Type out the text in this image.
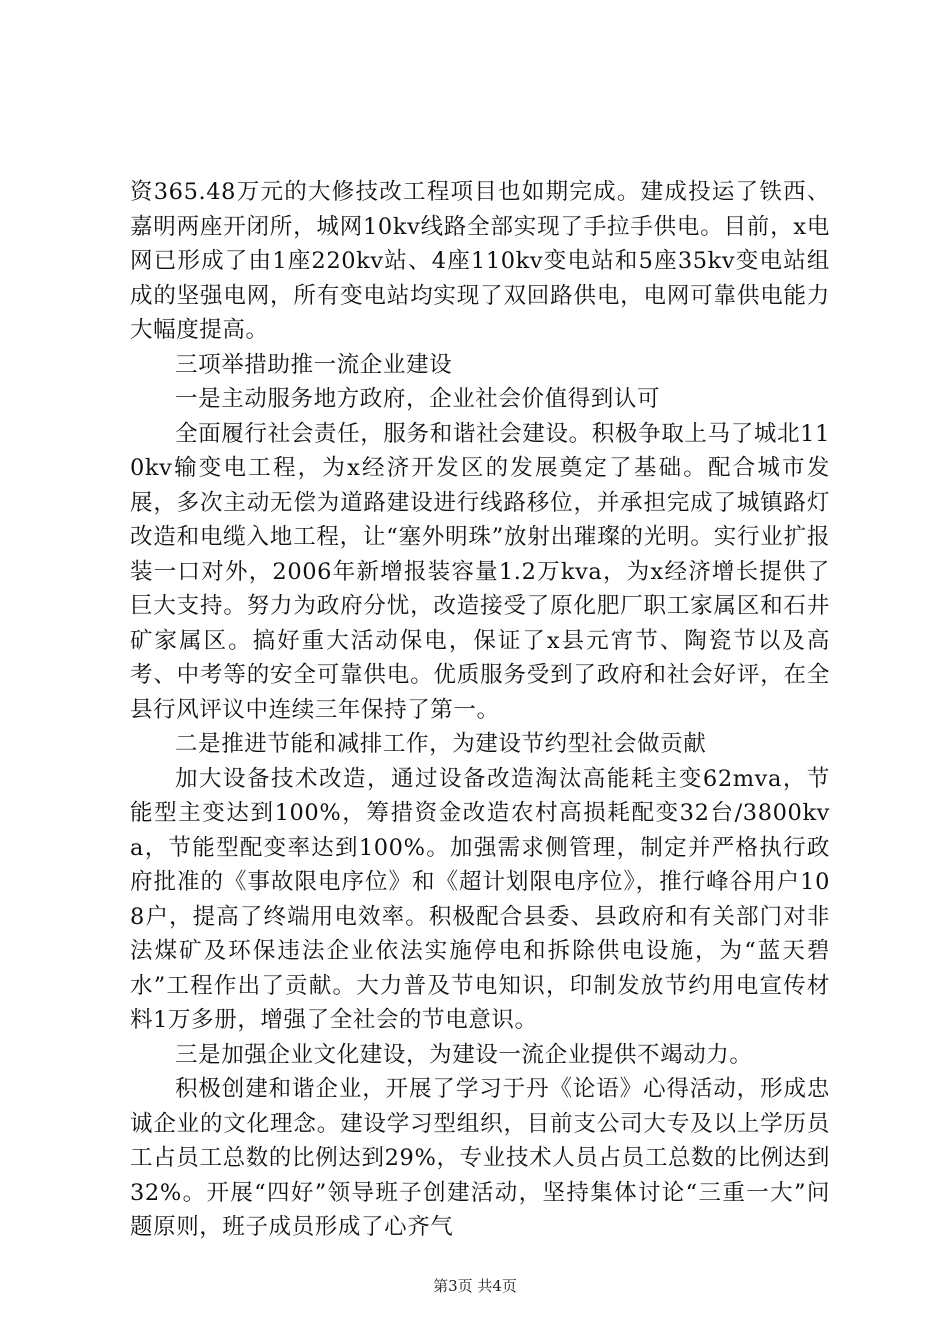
资365.48万元的大修技改工程项目也如期完成。建成投运了铁西、嘉明两座开闭所，城网10kv线路全部实现了手拉手供电。目前，x电网已形成了由1座220kv站、4座110kv变电站和5座35kv变电站组成的坚强电网，所有变电站均实现了双回路供电，电网可靠供电能力大幅度提高。

三项举措助推一流企业建设

一是主动服务地方政府，企业社会价值得到认可

全面履行社会责任，服务和谐社会建设。积极争取上马了城北110kv输变电工程，为x经济开发区的发展奠定了基础。配合城市发展，多次主动无偿为道路建设进行线路移位，并承担完成了城镇路灯改造和电缆入地工程，让“塞外明珠”放射出璀璨的光明。实行业扩报装一口对外，2006年新增报装容量1.2万kva，为x经济增长提供了巨大支持。努力为政府分忧，改造接受了原化肥厂职工家属区和石井矿家属区。搞好重大活动保电，保证了x县元宵节、陶瓷节以及高考、中考等的安全可靠供电。优质服务受到了政府和社会好评，在全县行风评议中连续三年保持了第一。

二是推进节能和减排工作，为建设节约型社会做贡献

加大设备技术改造，通过设备改造淘汰高能耗主变62mva，节能型主变达到100%，筹措资金改造农村高损耗配变32台/3800kva，节能型配变率达到100%。加强需求侧管理，制定并严格执行政府批准的《事故限电序位》和《超计划限电序位》，推行峰谷用户108户，提高了终端用电效率。积极配合县委、县政府和有关部门对非法煤矿及环保违法企业依法实施停电和拆除供电设施，为“蓝天碧水”工程作出了贡献。大力普及节电知识，印制发放节约用电宣传材料1万多册，增强了全社会的节电意识。

三是加强企业文化建设，为建设一流企业提供不竭动力。

积极创建和谐企业，开展了学习于丹《论语》心得活动，形成忠诚企业的文化理念。建设学习型组织，目前支公司大专及以上学历员工占员工总数的比例达到29%，专业技术人员占员工总数的比例达到32%。开展“四好”领导班子创建活动，坚持集体讨论“三重一大”问题原则，班子成员形成了心齐气

第3页 共4页
